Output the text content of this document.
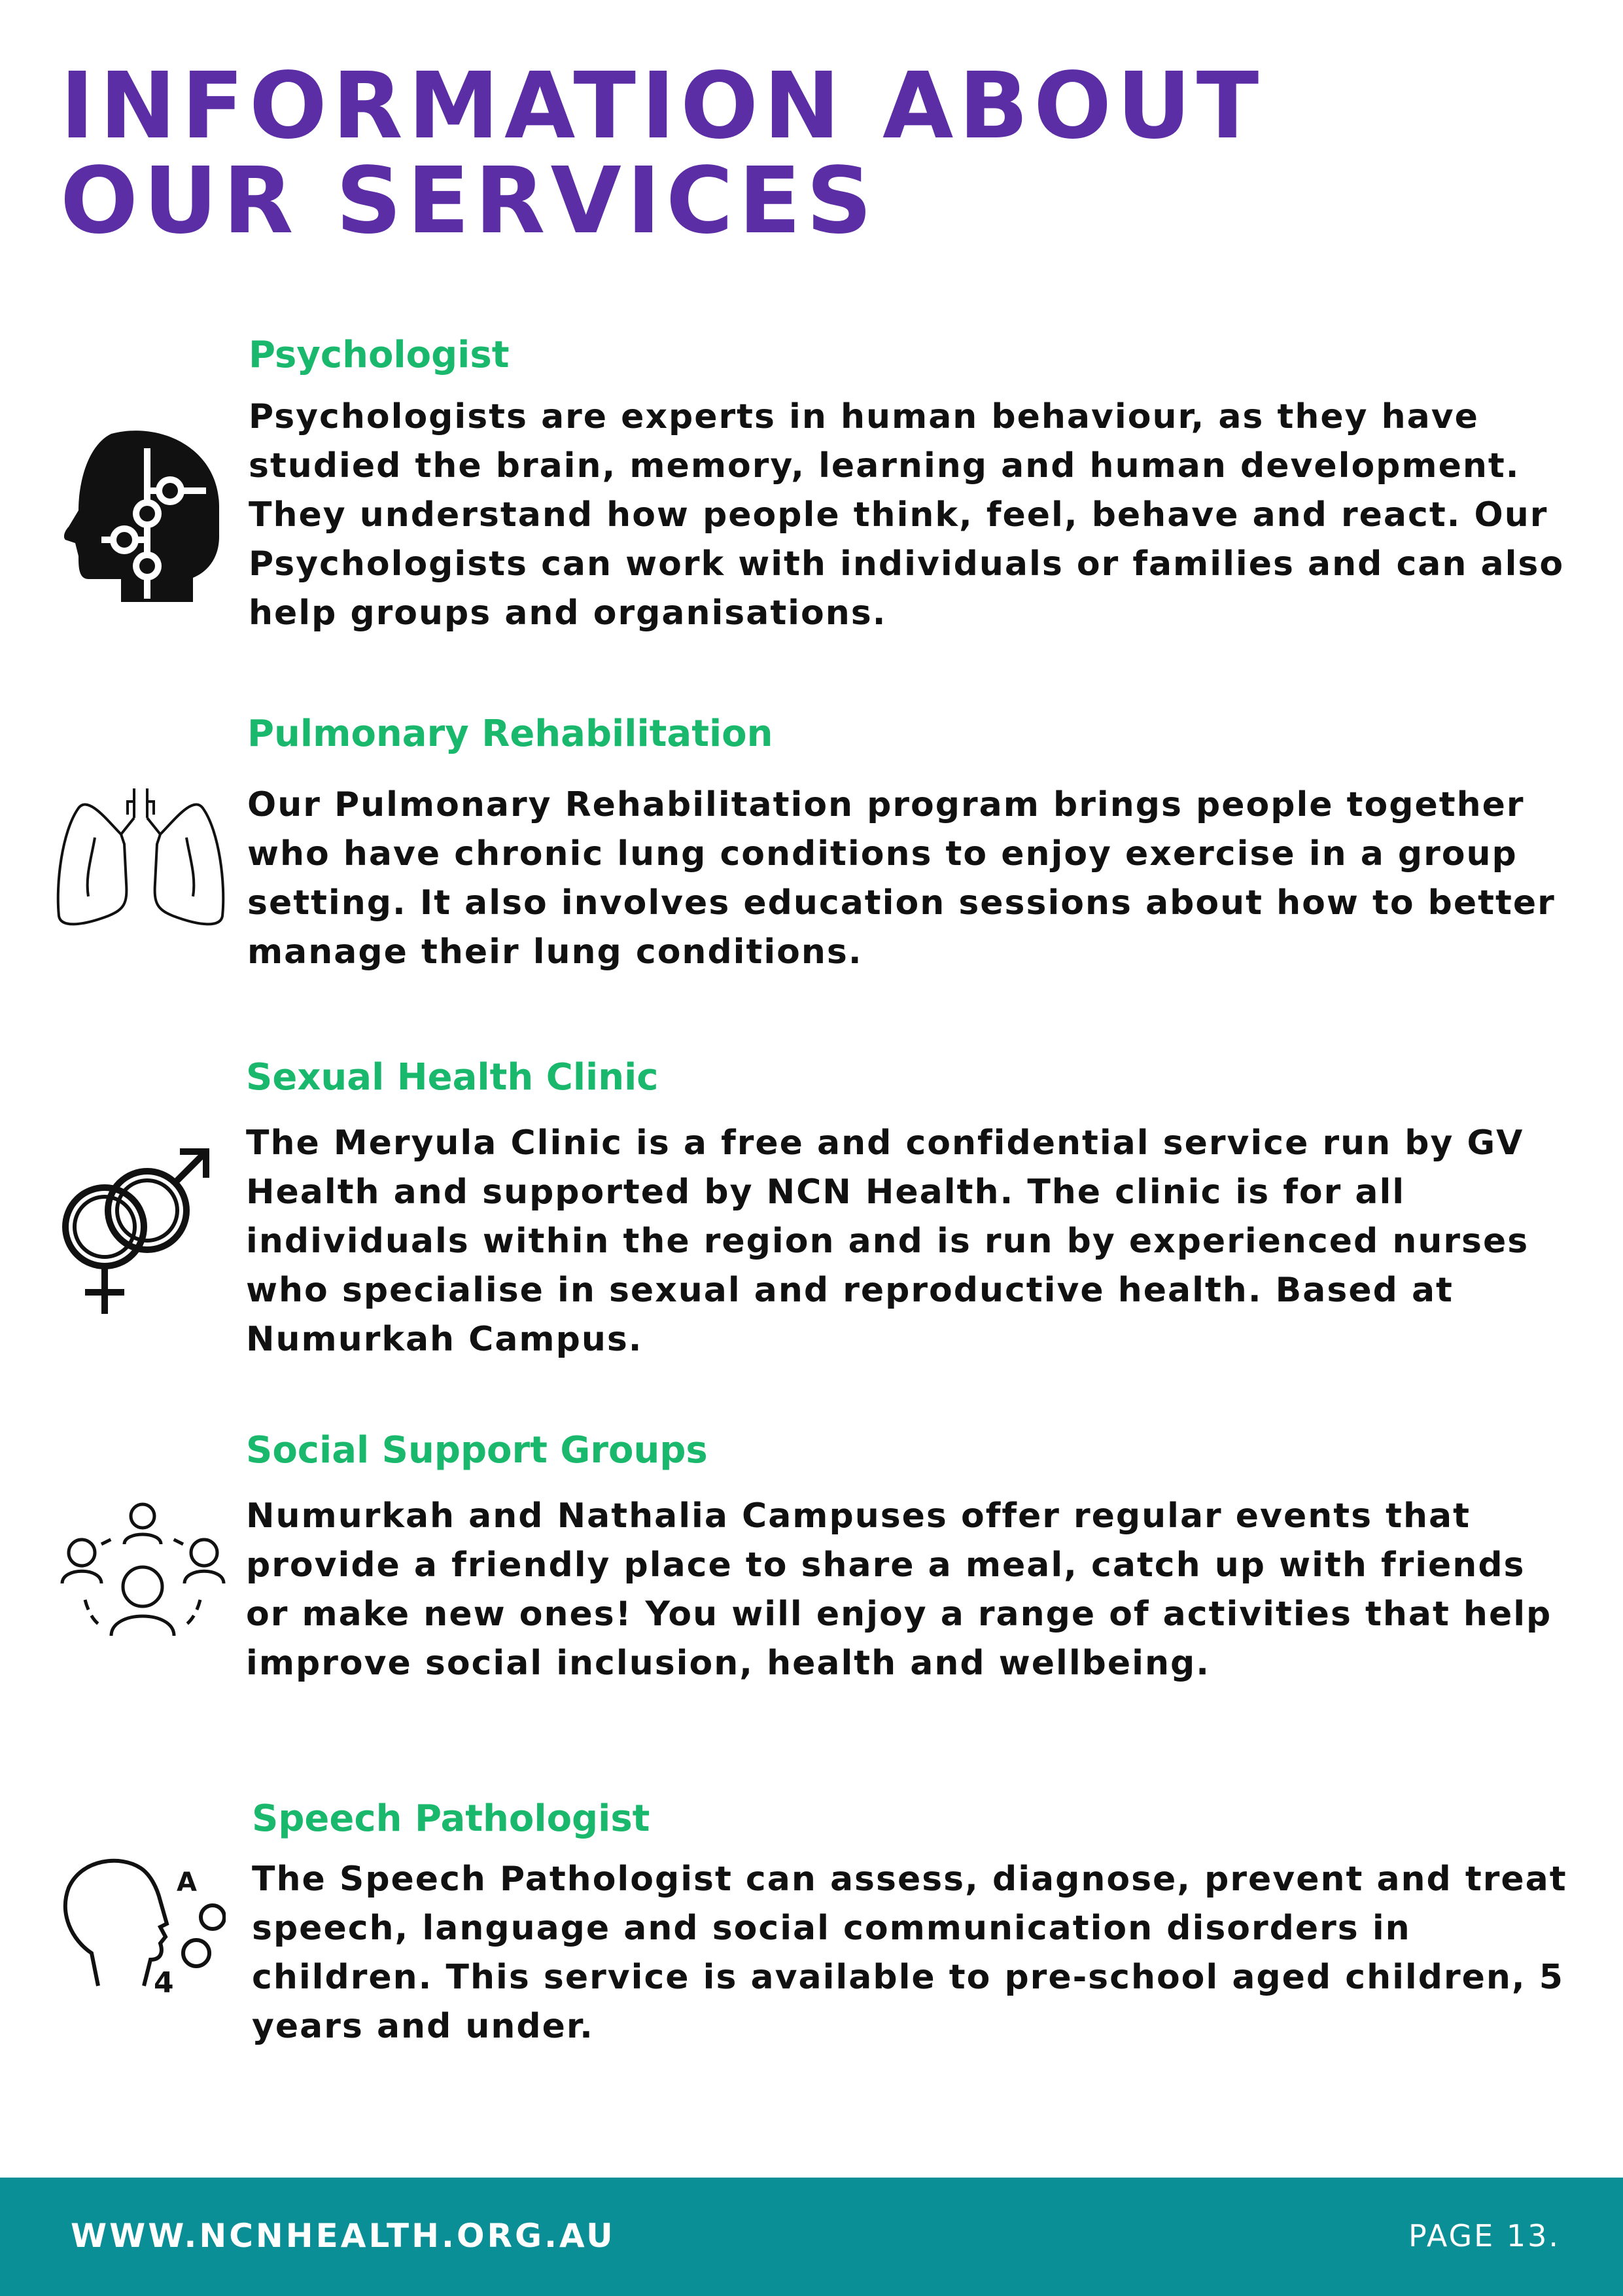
INFORMATION ABOUT
OUR SERVICES
Psychologist

Psychologists are experts in human behaviour, as they have studied the brain, memory, learning and human development. They understand how people think, feel, behave and react. Our Psychologists can work with individuals or families and can also help groups and organisations.

Pulmonary Rehabilitation

Our Pulmonary Rehabilitation program brings people together who have chronic lung conditions to enjoy exercise in a group setting. It also involves education sessions about how to better manage their lung conditions.

Sexual Health Clinic

The Meryula Clinic is a free and confidential service run by GV Health and supported by NCN Health. The clinic is for all individuals within the region and is run by experienced nurses who specialise in sexual and reproductive health. Based at Numurkah Campus.

Social Support Groups

Numurkah and Nathalia Campuses offer regular events that provide a friendly place to share a meal, catch up with friends or make new ones! You will enjoy a range of activities that help improve social inclusion, health and wellbeing.

Speech Pathologist
A
4

The Speech Pathologist can assess, diagnose, prevent and treat speech, language and social communication disorders in children. This service is available to pre-school aged children, 5 years and under.

WWW.NCNHEALTH.ORG.AU	PAGE 13.
